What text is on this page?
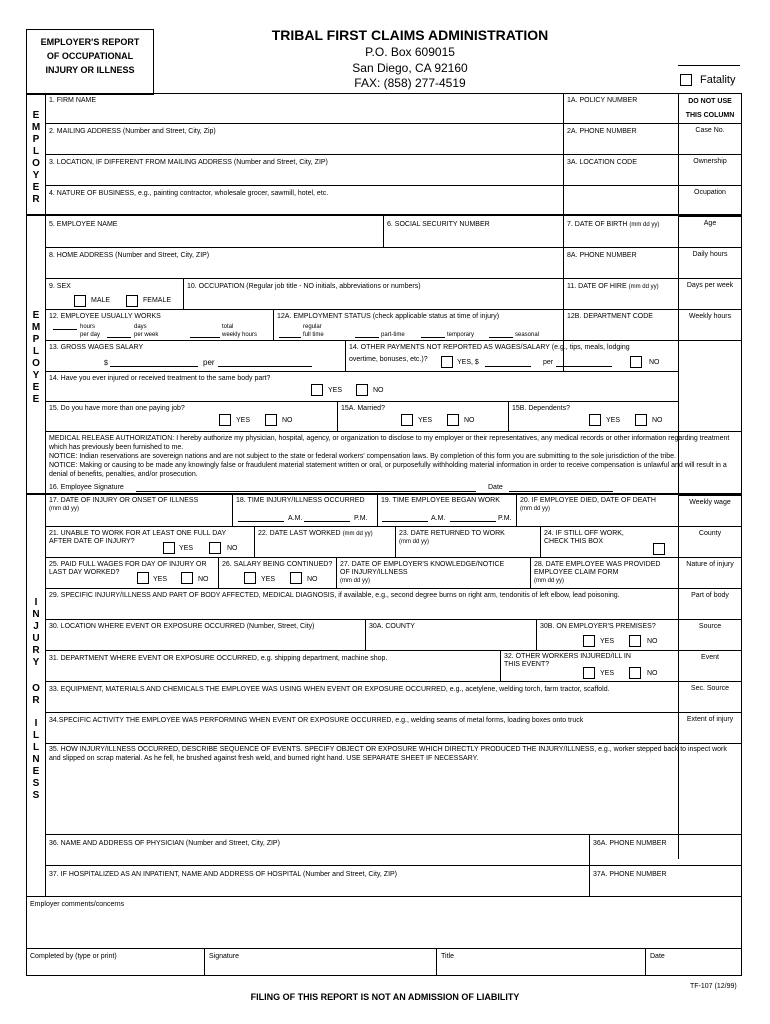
EMPLOYER'S REPORT
OF OCCUPATIONAL
INJURY OR ILLNESS
TRIBAL FIRST CLAIMS ADMINISTRATION
P.O. Box 609015
San Diego, CA 92160
FAX: (858) 277-4519	Fatality
E
M
P
L
O
Y
E
R
E
M
P
L
O
Y
E
E
I
N
J
U
R
Y
O
R
I
L
L
N
E
S
S
DO NOT USE
THIS COLUMN
Case No.
Ownership
Ocupation
Age
Daily hours
Days per week
Weekly hours
Weekly wage
County
Nature of injury
Part of body
Source
Event
Sec. Source
Extent of injury
1. FIRM NAME	1A. POLICY NUMBER
2. MAILING ADDRESS (Number and Street, City, Zip)	2A. PHONE NUMBER
3. LOCATION, IF DIFFERENT FROM MAILING ADDRESS (Number and Street, City, ZIP)	3A. LOCATION CODE
4. NATURE OF BUSINESS, e.g., painting contractor, wholesale grocer, sawmill, hotel, etc.
5. EMPLOYEE NAME	6. SOCIAL SECURITY NUMBER	7. DATE OF BIRTH (mm dd yy)
8. HOME ADDRESS (Number and Street, City, ZIP)	8A. PHONE NUMBER
9. SEX
MALE	FEMALE
10. OCCUPATION (Regular job title - NO initials, abbreviations or numbers)	11. DATE OF HIRE (mm dd yy)
12. EMPLOYEE USUALLY WORKS
hours
per day
days
per week
total
weekly hours
12A. EMPLOYMENT STATUS (check applicable status at time of injury)
regular
full time	part-time	temporary	seasonal
12B. DEPARTMENT CODE
13. GROSS WAGES SALARY
$	per
14. OTHER PAYMENTS NOT REPORTED AS WAGES/SALARY (e.g., tips, meals, lodging
overtime, bonuses, etc.)?	YES, $	per	NO
14. Have you ever injured or received treatment to the same body part?
YES	NO
15. Do you have more than one paying job?
YES	NO
15A. Married?
YES	NO
15B. Dependents?
YES	NO
MEDICAL RELEASE AUTHORIZATION: I hereby authorize my physician, hospital, agency, or organization to disclose to my employer or their representatives, any medical records or other information regarding treatment which has previously been furnished to me.
NOTICE: Indian reservations are sovereign nations and are not subject to the state or federal workers' compensation laws. By completion of this form you are submitting to the sole jurisdiction of the tribe.
NOTICE: Making or causing to be made any knowingly false or fraudulent material statement written or oral, or purposefully withholding material information in order to receive compensation is unlawful and will result in a denial of benefits, penalties, and/or prosecution.
16. Employee Signature	Date
17. DATE OF INJURY OR ONSET OF ILLNESS
(mm dd yy)
18. TIME INJURY/ILLNESS OCCURRED
A.M.	P.M.
19. TIME EMPLOYEE BEGAN WORK
A.M.	P.M.
20. IF EMPLOYEE DIED, DATE OF DEATH
(mm dd yy)
21. UNABLE TO WORK FOR AT LEAST ONE FULL DAY
AFTER DATE OF INJURY?
YES	NO
22. DATE LAST WORKED (mm dd yy)	23. DATE RETURNED TO WORK
(mm dd yy)
24. IF STILL OFF WORK,
CHECK THIS BOX
25. PAID FULL WAGES FOR DAY OF INJURY OR
LAST DAY WORKED?
YES	NO
26. SALARY BEING CONTINUED?
YES	NO
27. DATE OF EMPLOYER'S KNOWLEDGE/NOTICE
OF INJURY/ILLNESS
(mm dd yy)
28. DATE EMPLOYEE WAS PROVIDED
EMPLOYEE CLAIM FORM
(mm dd yy)
29. SPECIFIC INJURY/ILLNESS AND PART OF BODY AFFECTED, MEDICAL DIAGNOSIS, if available, e.g., second degree burns on right arm, tendonitis of left elbow, lead poisoning.
30. LOCATION WHERE EVENT OR EXPOSURE OCCURRED (Number, Street, City)	30A. COUNTY	30B. ON EMPLOYER'S PREMISES?
YES	NO
31. DEPARTMENT WHERE EVENT OR EXPOSURE OCCURRED, e.g. shipping department, machine shop.	32. OTHER WORKERS INJURED/ILL IN
THIS EVENT?
YES	NO
33. EQUIPMENT, MATERIALS AND CHEMICALS THE EMPLOYEE WAS USING WHEN EVENT OR EXPOSURE OCCURRED, e.g., acetylene, welding torch, farm tractor, scaffold.
34.SPECIFIC ACTIVITY THE EMPLOYEE WAS PERFORMING WHEN EVENT OR EXPOSURE OCCURRED, e.g., welding seams of metal forms, loading boxes onto truck
35. HOW INJURY/ILLNESS OCCURRED, DESCRIBE SEQUENCE OF EVENTS. SPECIFY OBJECT OR EXPOSURE WHICH DIRECTLY PRODUCED THE INJURY/ILLNESS, e.g., worker stepped back to inspect work and slipped on scrap material. As he fell, he brushed against fresh weld, and burned right hand. USE SEPARATE SHEET IF NECESSARY.
36. NAME AND ADDRESS OF PHYSICIAN (Number and Street, City, ZIP)	36A. PHONE NUMBER
37. IF HOSPITALIZED AS AN INPATIENT, NAME AND ADDRESS OF HOSPITAL (Number and Street, City, ZIP)	37A. PHONE NUMBER
Employer comments/concerns
Completed by (type or print)	Signature	Title	Date
TF-107 (12/99)
FILING OF THIS REPORT IS NOT AN ADMISSION OF LIABILITY
